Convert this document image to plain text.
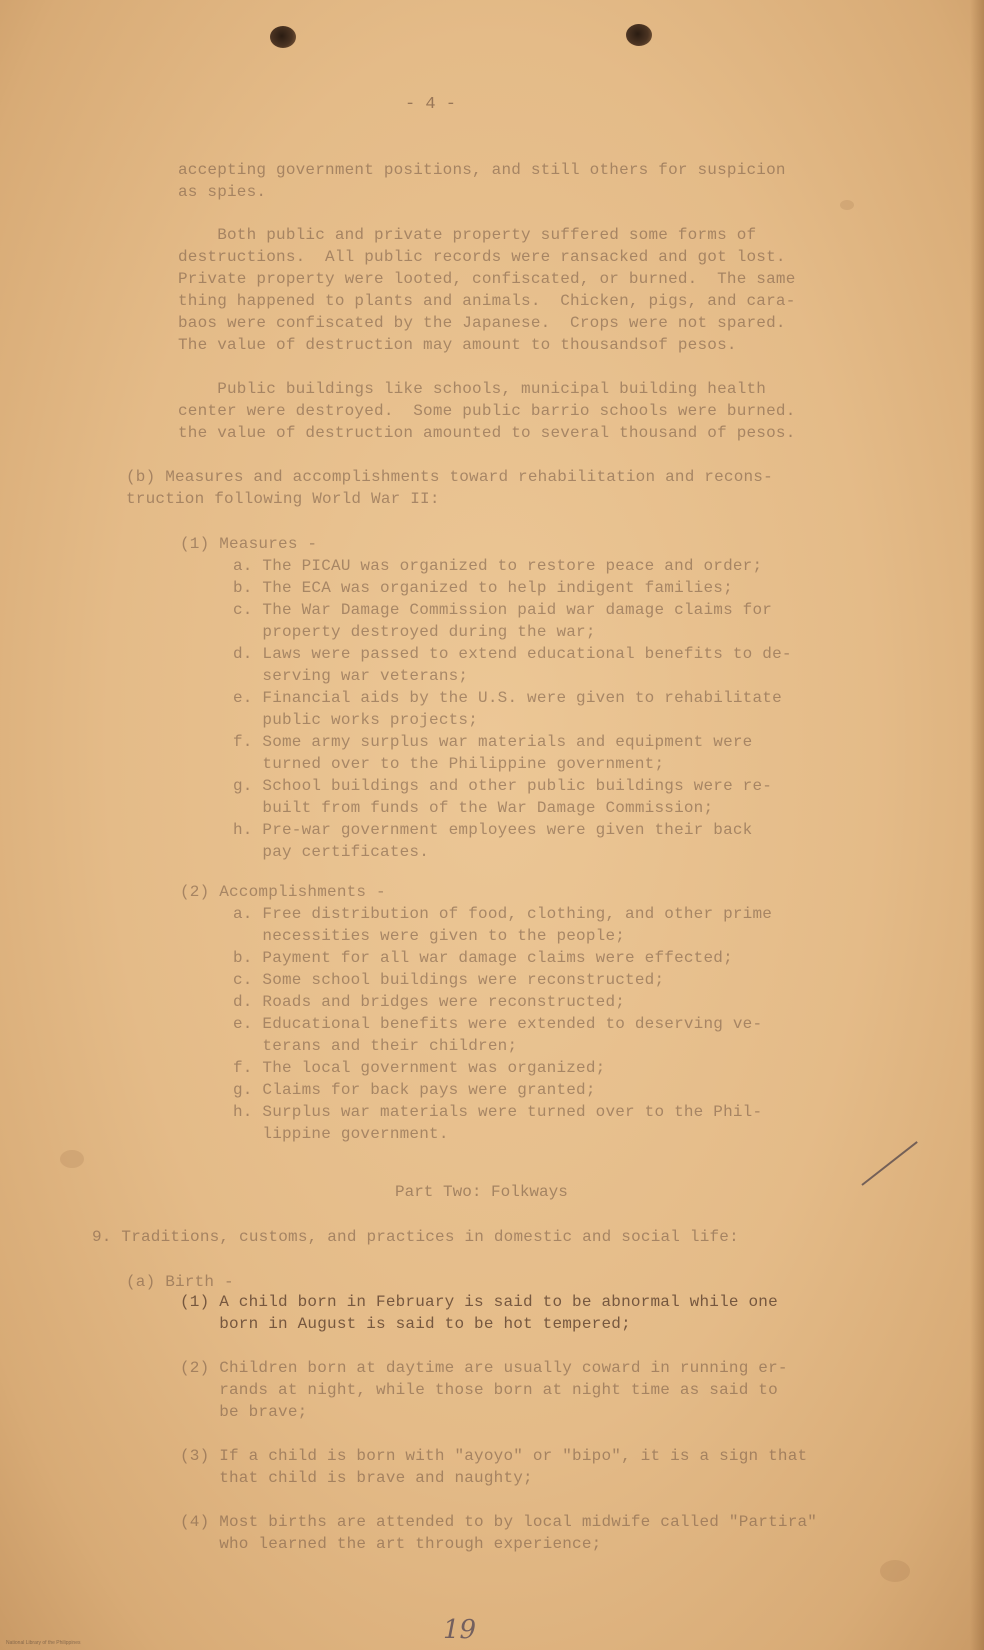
- 4 -
accepting government positions, and still others for suspicion
as spies.
Both public and private property suffered some forms of
destructions.  All public records were ransacked and got lost.
Private property were looted, confiscated, or burned.  The same
thing happened to plants and animals.  Chicken, pigs, and cara-
baos were confiscated by the Japanese.  Crops were not spared.
The value of destruction may amount to thousandsof pesos.
Public buildings like schools, municipal building health
center were destroyed.  Some public barrio schools were burned.
the value of destruction amounted to several thousand of pesos.
(b) Measures and accomplishments toward rehabilitation and recons-
truction following World War II:
(1) Measures -
a. The PICAU was organized to restore peace and order;
b. The ECA was organized to help indigent families;
c. The War Damage Commission paid war damage claims for
property destroyed during the war;
d. Laws were passed to extend educational benefits to de-
serving war veterans;
e. Financial aids by the U.S. were given to rehabilitate
public works projects;
f. Some army surplus war materials and equipment were
turned over to the Philippine government;
g. School buildings and other public buildings were re-
built from funds of the War Damage Commission;
h. Pre-war government employees were given their back
pay certificates.
(2) Accomplishments -
a. Free distribution of food, clothing, and other prime
necessities were given to the people;
b. Payment for all war damage claims were effected;
c. Some school buildings were reconstructed;
d. Roads and bridges were reconstructed;
e. Educational benefits were extended to deserving ve-
terans and their children;
f. The local government was organized;
g. Claims for back pays were granted;
h. Surplus war materials were turned over to the Phil-
lippine government.
Part Two: Folkways
9. Traditions, customs, and practices in domestic and social life:
(a) Birth -
(1) A child born in February is said to be abnormal while one
born in August is said to be hot tempered;
(2) Children born at daytime are usually coward in running er-
rands at night, while those born at night time as said to
be brave;
(3) If a child is born with "ayoyo" or "bipo", it is a sign that
that child is brave and naughty;
(4) Most births are attended to by local midwife called "Partira"
who learned the art through experience;
19
National Library of the Philippines
